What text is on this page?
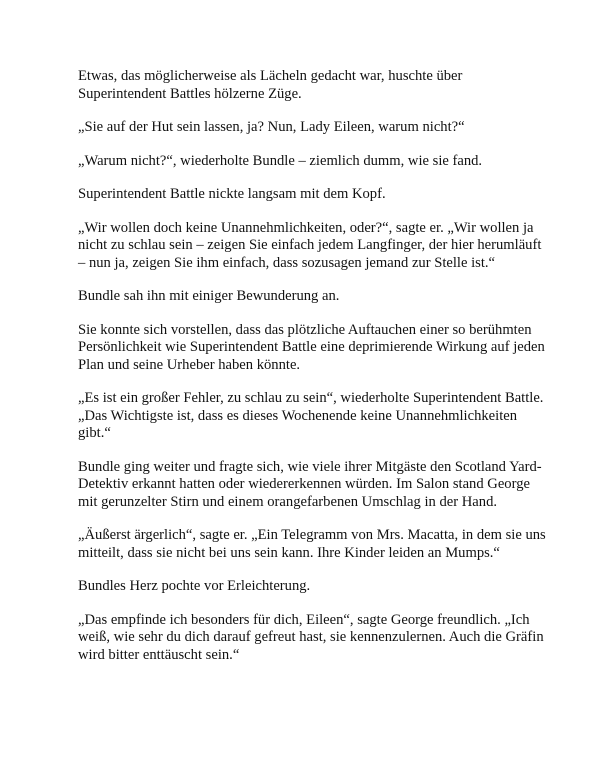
Etwas, das möglicherweise als Lächeln gedacht war, huschte über Superintendent Battles hölzerne Züge.

„Sie auf der Hut sein lassen, ja? Nun, Lady Eileen, warum nicht?“

„Warum nicht?“, wiederholte Bundle – ziemlich dumm, wie sie fand.

Superintendent Battle nickte langsam mit dem Kopf.

„Wir wollen doch keine Unannehmlichkeiten, oder?“, sagte er. „Wir wollen ja nicht zu schlau sein – zeigen Sie einfach jedem Langfinger, der hier herumläuft – nun ja, zeigen Sie ihm einfach, dass sozusagen jemand zur Stelle ist.“

Bundle sah ihn mit einiger Bewunderung an.

Sie konnte sich vorstellen, dass das plötzliche Auftauchen einer so berühmten Persönlichkeit wie Superintendent Battle eine deprimierende Wirkung auf jeden Plan und seine Urheber haben könnte.

„Es ist ein großer Fehler, zu schlau zu sein“, wiederholte Superintendent Battle. „Das Wichtigste ist, dass es dieses Wochenende keine Unannehmlichkeiten gibt.“

Bundle ging weiter und fragte sich, wie viele ihrer Mitgäste den Scotland Yard-Detektiv erkannt hatten oder wiedererkennen würden. Im Salon stand George mit gerunzelter Stirn und einem orangefarbenen Umschlag in der Hand.

„Äußerst ärgerlich“, sagte er. „Ein Telegramm von Mrs. Macatta, in dem sie uns mitteilt, dass sie nicht bei uns sein kann. Ihre Kinder leiden an Mumps.“

Bundles Herz pochte vor Erleichterung.

„Das empfinde ich besonders für dich, Eileen“, sagte George freundlich. „Ich weiß, wie sehr du dich darauf gefreut hast, sie kennenzulernen. Auch die Gräfin wird bitter enttäuscht sein.“
